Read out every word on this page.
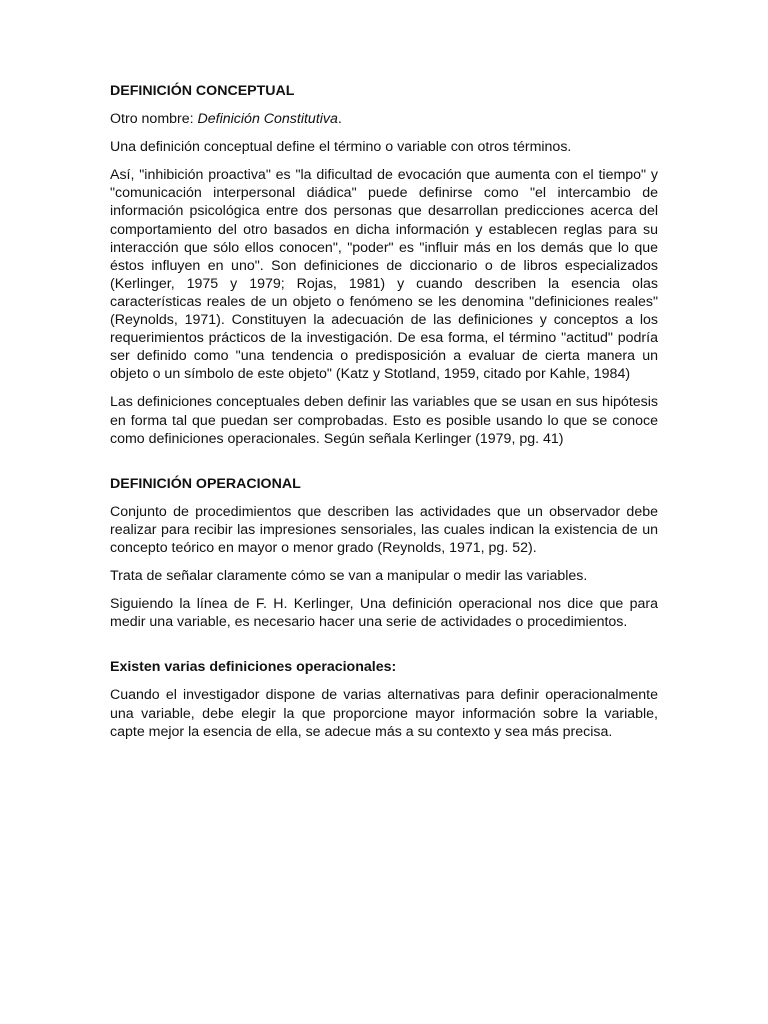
DEFINICIÓN CONCEPTUAL

Otro nombre: Definición Constitutiva.

Una definición conceptual define el término o variable con otros términos.

Así, "inhibición proactiva" es "la dificultad de evocación que aumenta con el tiempo" y "comunicación interpersonal diádica" puede definirse como "el intercambio de información psicológica entre dos personas que desarrollan predicciones acerca del comportamiento del otro basados en dicha información y establecen reglas para su interacción que sólo ellos conocen", "poder" es "influir más en los demás que lo que éstos influyen en uno". Son definiciones de diccionario o de libros especializados (Kerlinger, 1975 y 1979; Rojas, 1981) y cuando describen la esencia olas características reales de un objeto o fenómeno se les denomina "definiciones reales" (Reynolds, 1971). Constituyen la adecuación de las definiciones y conceptos a los requerimientos prácticos de la investigación. De esa forma, el término "actitud" podría ser definido como "una tendencia o predisposición a evaluar de cierta manera un objeto o un símbolo de este objeto" (Katz y Stotland, 1959, citado por Kahle, 1984)

Las definiciones conceptuales deben definir las variables que se usan en sus hipótesis en forma tal que puedan ser comprobadas. Esto es posible usando lo que se conoce como definiciones operacionales. Según señala Kerlinger (1979, pg. 41)

DEFINICIÓN OPERACIONAL

Conjunto de procedimientos que describen las actividades que un observador debe realizar para recibir las impresiones sensoriales, las cuales indican la existencia de un concepto teórico en mayor o menor grado (Reynolds, 1971, pg. 52).

Trata de señalar claramente cómo se van a manipular o medir las variables.

Siguiendo la línea de F. H. Kerlinger, Una definición operacional nos dice que para medir una variable, es necesario hacer una serie de actividades o procedimientos.

Existen varias definiciones operacionales:

Cuando el investigador dispone de varias alternativas para definir operacionalmente una variable, debe elegir la que proporcione mayor información sobre la variable, capte mejor la esencia de ella, se adecue más a su contexto y sea más precisa.
